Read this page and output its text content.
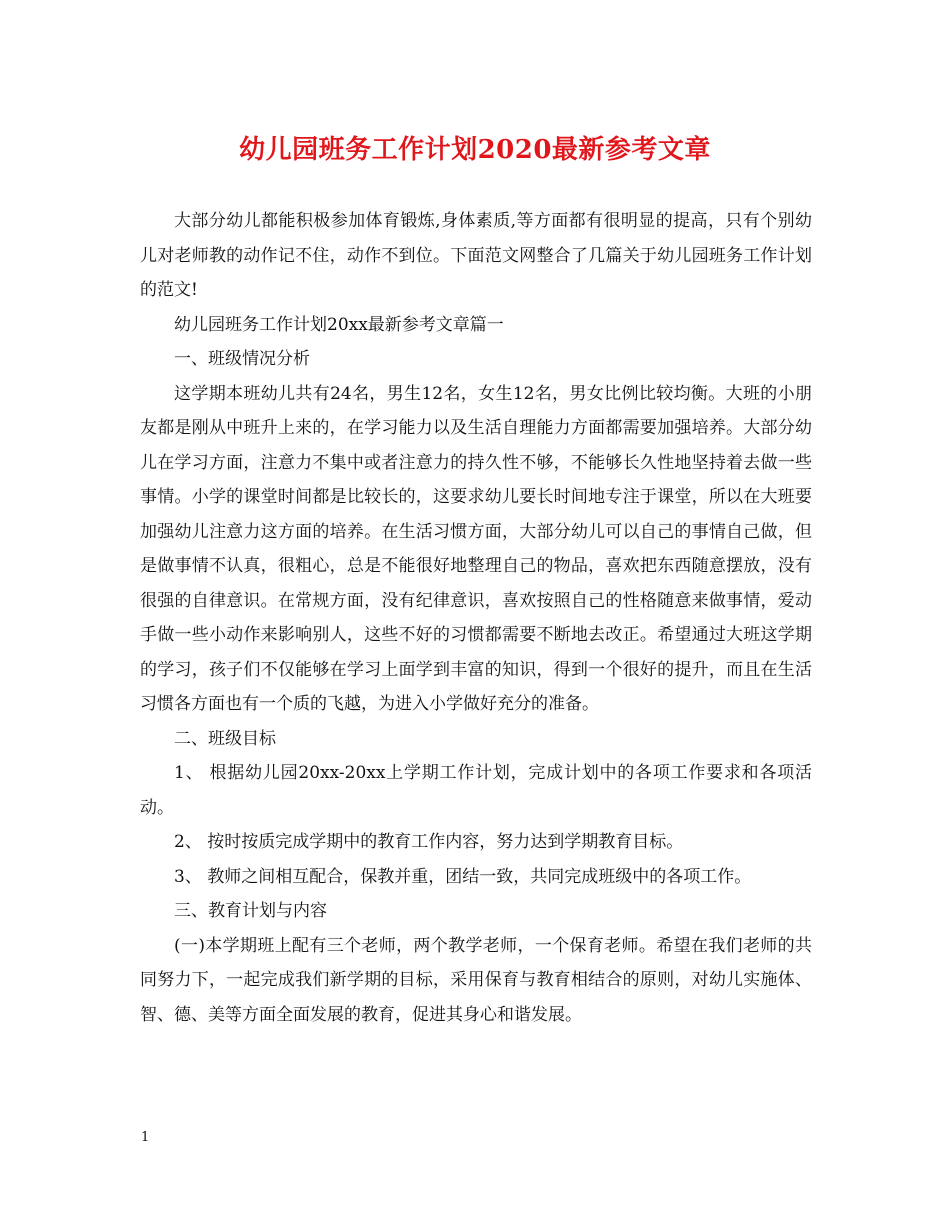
幼儿园班务工作计划2020最新参考文章

大部分幼儿都能积极参加体育锻炼,身体素质,等方面都有很明显的提高，只有个别幼儿对老师教的动作记不住，动作不到位。下面范文网整合了几篇关于幼儿园班务工作计划的范文!

幼儿园班务工作计划20xx最新参考文章篇一

一、班级情况分析

这学期本班幼儿共有24名，男生12名，女生12名，男女比例比较均衡。大班的小朋友都是刚从中班升上来的，在学习能力以及生活自理能力方面都需要加强培养。大部分幼儿在学习方面，注意力不集中或者注意力的持久性不够，不能够长久性地坚持着去做一些事情。小学的课堂时间都是比较长的，这要求幼儿要长时间地专注于课堂，所以在大班要加强幼儿注意力这方面的培养。在生活习惯方面，大部分幼儿可以自己的事情自己做，但是做事情不认真，很粗心，总是不能很好地整理自己的物品，喜欢把东西随意摆放，没有很强的自律意识。在常规方面，没有纪律意识，喜欢按照自己的性格随意来做事情，爱动手做一些小动作来影响别人，这些不好的习惯都需要不断地去改正。希望通过大班这学期的学习，孩子们不仅能够在学习上面学到丰富的知识，得到一个很好的提升，而且在生活习惯各方面也有一个质的飞越，为进入小学做好充分的准备。

二、班级目标

1、 根据幼儿园20xx-20xx上学期工作计划，完成计划中的各项工作要求和各项活动。

2、 按时按质完成学期中的教育工作内容，努力达到学期教育目标。

3、 教师之间相互配合，保教并重，团结一致，共同完成班级中的各项工作。

三、教育计划与内容

(一)本学期班上配有三个老师，两个教学老师，一个保育老师。希望在我们老师的共同努力下，一起完成我们新学期的目标，采用保育与教育相结合的原则，对幼儿实施体、智、德、美等方面全面发展的教育，促进其身心和谐发展。

1
